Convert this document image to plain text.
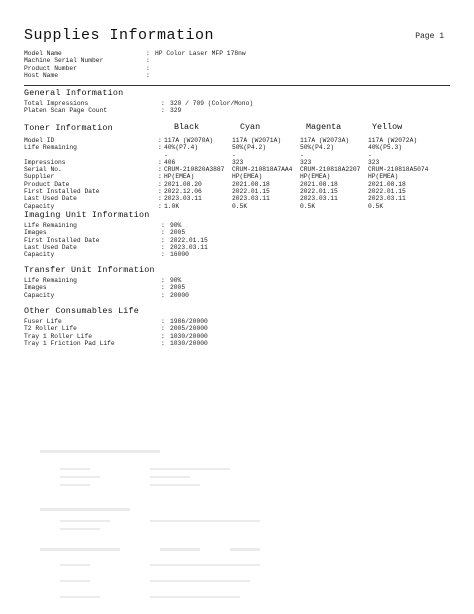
Supplies Information	Page 1
Model Name	: HP Color Laser MFP 178nw
Machine Serial Number	:
Product Number	:
Host Name	:
General Information
Total Impressions	: 320 / 709 (Color/Mono)
Platen Scan Page Count	: 329
Toner Information	Black	Cyan	Magenta	Yellow
Model ID	: 117A (W2070A)	117A (W2071A)	117A (W2073A)	117A (W2072A)
Life Remaining	: 40%(P7.4)	50%(P4.2)	50%(P4.2)	40%(P5.3)
-	-	-	-
Impressions	: 406	323	323	323
Serial No.	: CRUM-210820A3887	CRUM-210818A7AA4	CRUM-210818A2207	CRUM-210818A5074
Supplier	: HP(EMEA)	HP(EMEA)	HP(EMEA)	HP(EMEA)
Product Date	: 2021.08.20	2021.08.18	2021.08.18	2021.08.18
First Installed Date	: 2022.12.06	2022.01.15	2022.01.15	2022.01.15
Last Used Date	: 2023.03.11	2023.03.11	2023.03.11	2023.03.11
Capacity	: 1.0K	0.5K	0.5K	0.5K
Imaging Unit Information
Life Remaining	: 90%
Images	: 2005
First Installed Date	: 2022.01.15
Last Used Date	: 2023.03.11
Capacity	: 16000
Transfer Unit Information
Life Remaining	: 90%
Images	: 2005
Capacity	: 20000
Other Consumables Life
Fuser Life	: 1986/20000
T2 Roller Life	: 2005/20000
Tray 1 Roller Life	: 1030/20000
Tray 1 Friction Pad Life	: 1030/20000
